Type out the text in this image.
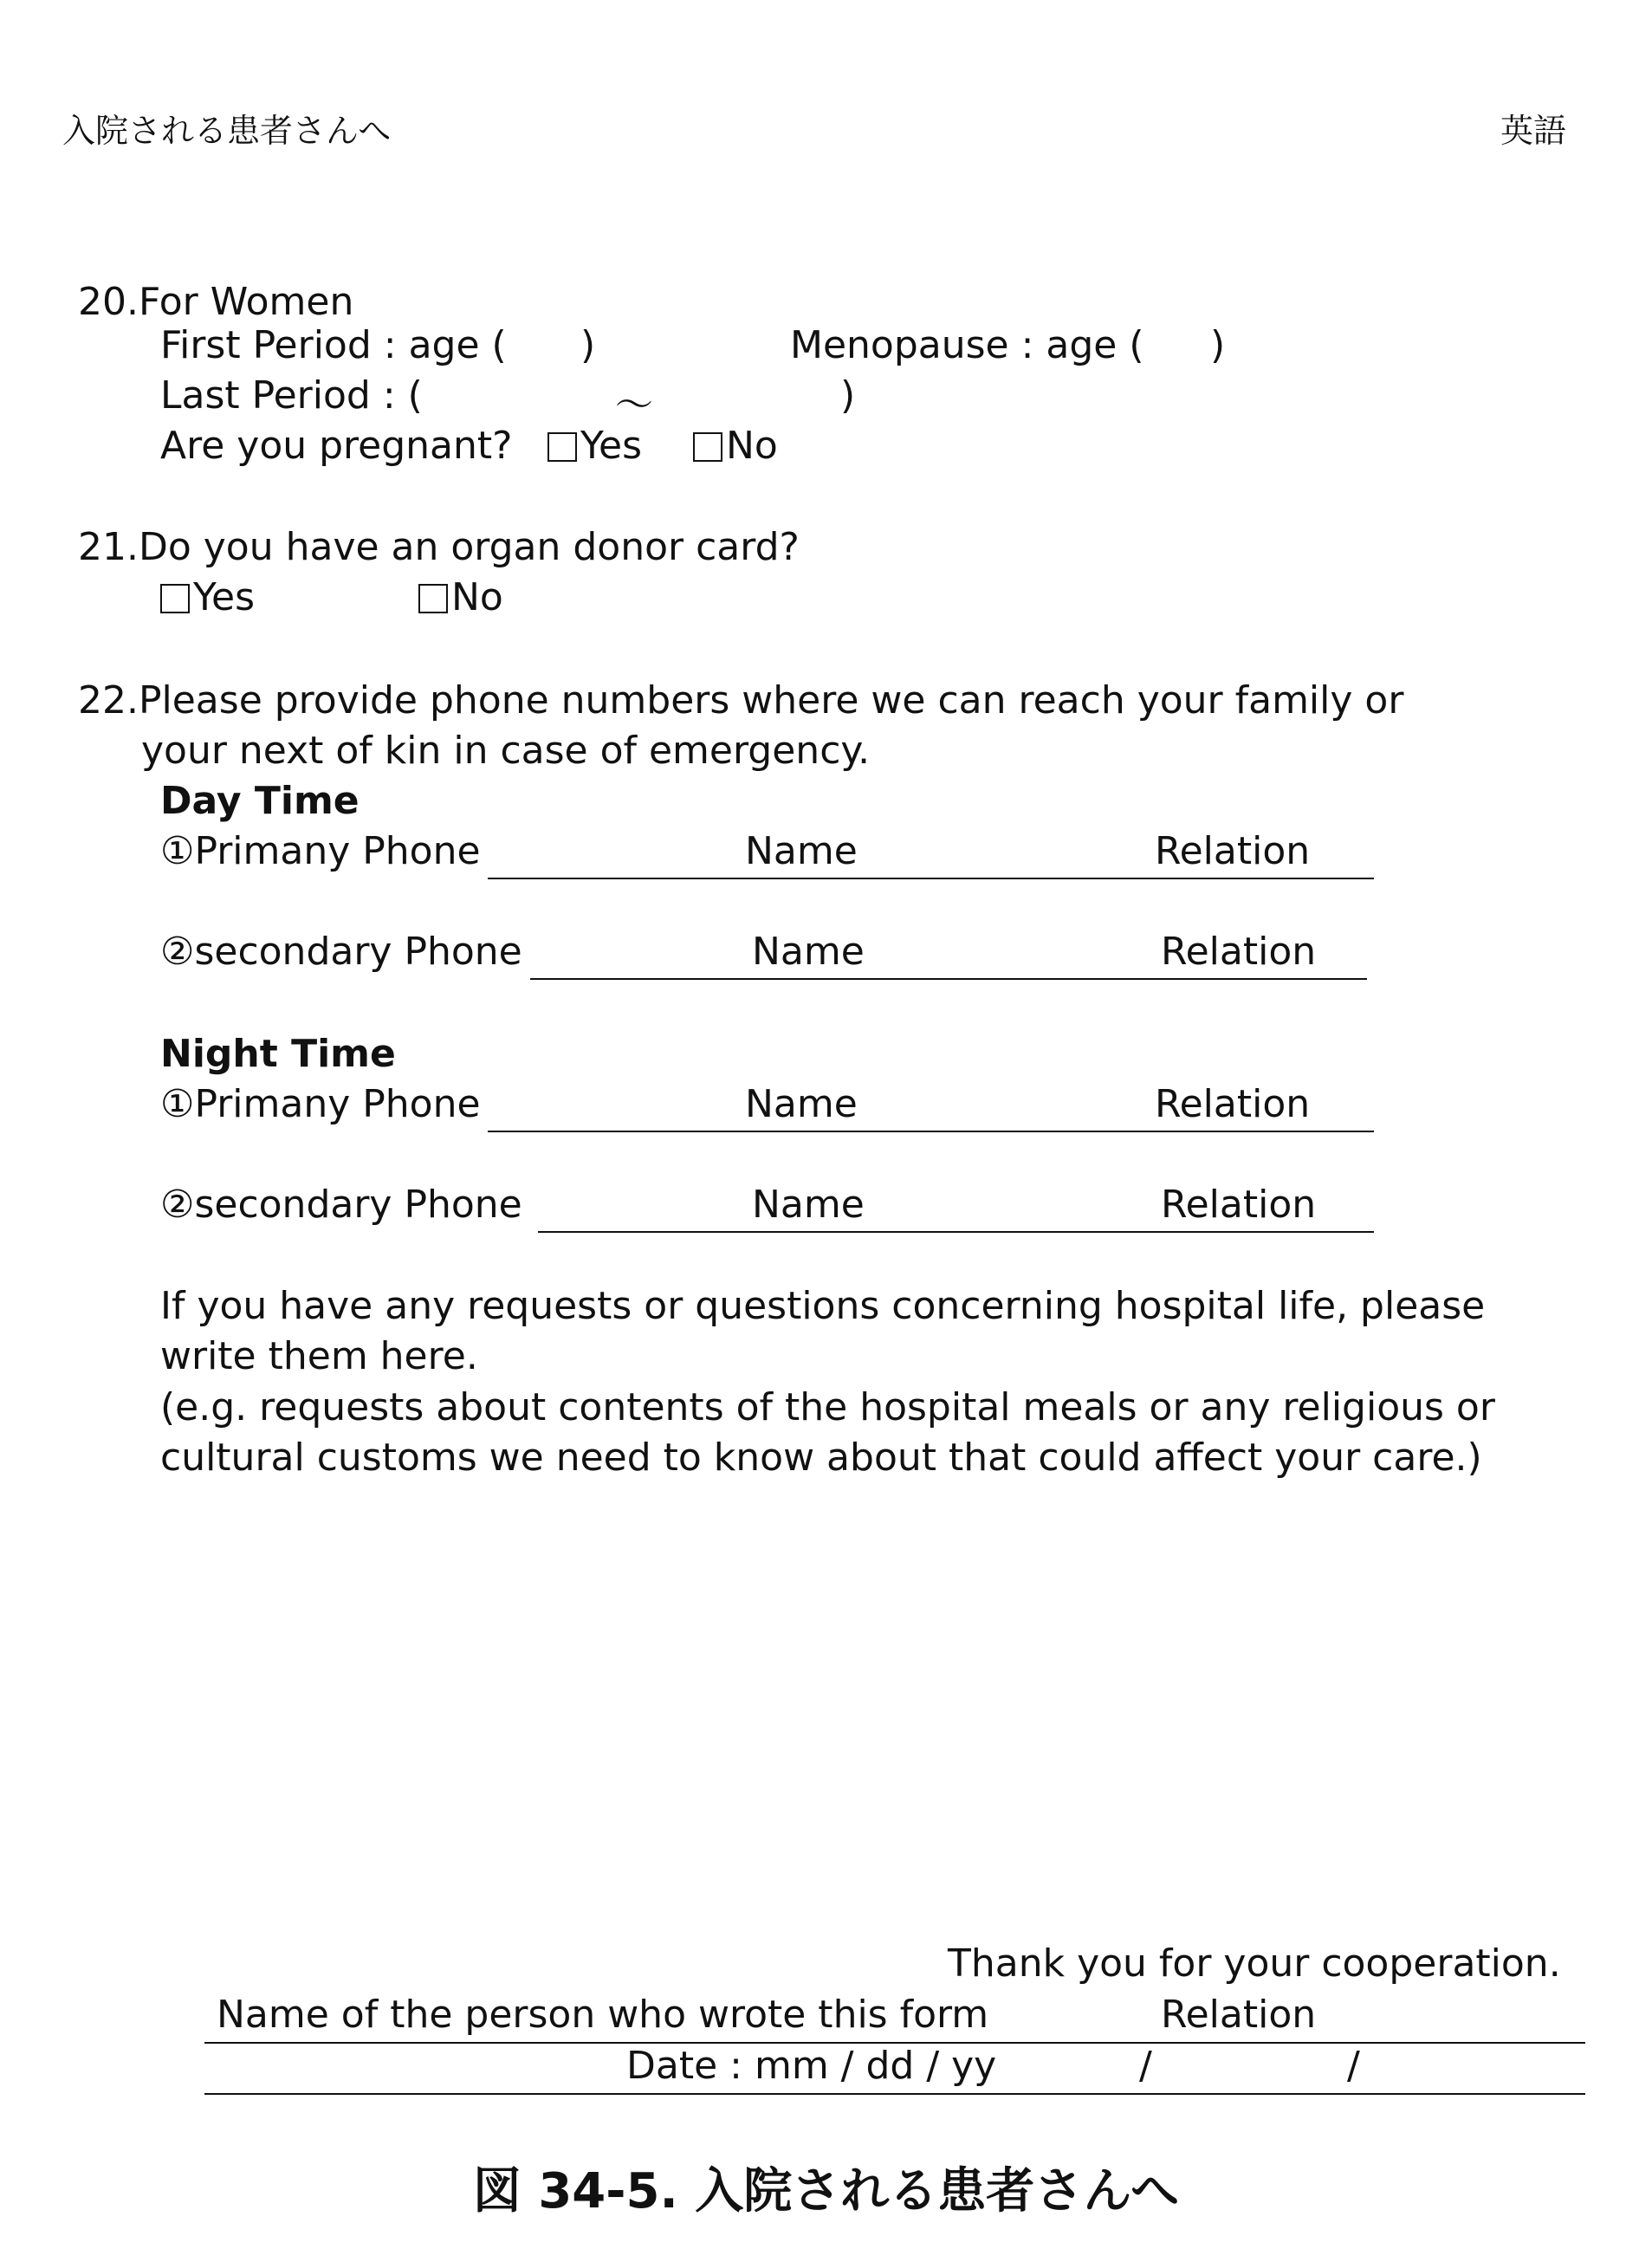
入院される患者さんへ	英語
20.For Women
First Period : age ( )	Menopause : age ( )
Last Period : (	～	)
Are you pregnant?	Yes	No
21.Do you have an organ donor card?
Yes	No
22.Please provide phone numbers where we can reach your family or
your next of kin in case of emergency.
Day Time
①Primany Phone	Name	Relation
②secondary Phone	Name	Relation
Night Time
①Primany Phone	Name	Relation
②secondary Phone	Name	Relation
If you have any requests or questions concerning hospital life, please
write them here.
(e.g. requests about contents of the hospital meals or any religious or
cultural customs we need to know about that could affect your care.)
Thank you for your cooperation.
Name of the person who wrote this form	Relation
Date : mm / dd / yy	/	/
図 34-5. 入院される患者さんへ
